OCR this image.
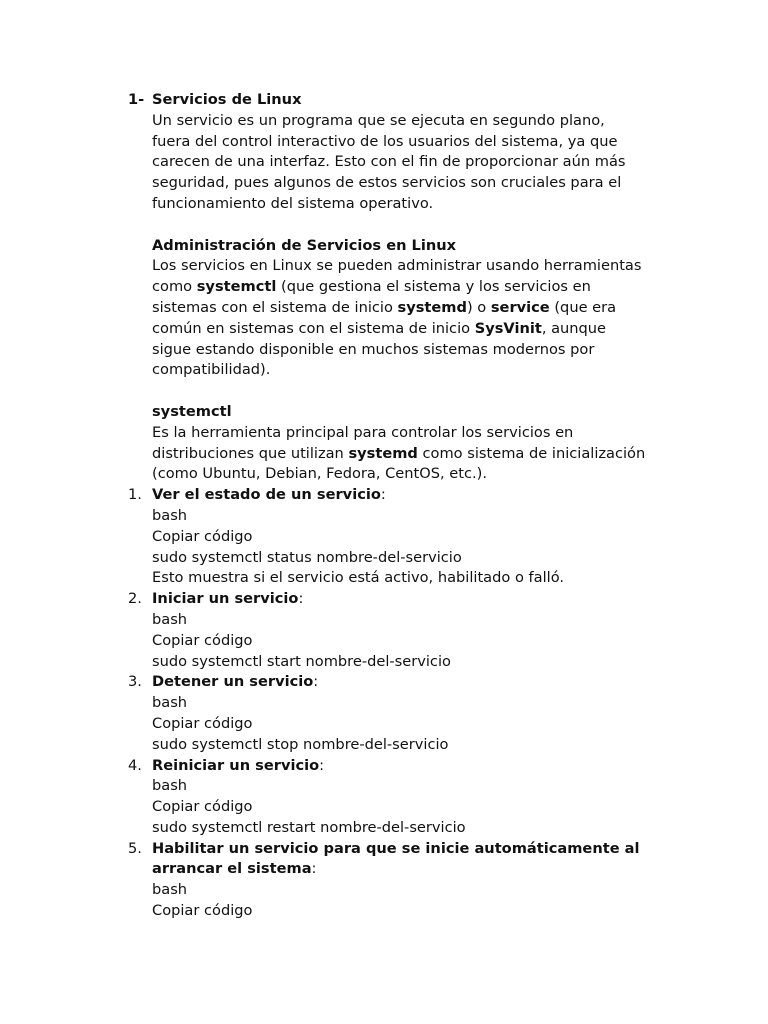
1- Servicios de Linux
Un servicio es un programa que se ejecuta en segundo plano,
fuera del control interactivo de los usuarios del sistema, ya que
carecen de una interfaz. Esto con el fin de proporcionar aún más
seguridad, pues algunos de estos servicios son cruciales para el
funcionamiento del sistema operativo.
Administración de Servicios en Linux
Los servicios en Linux se pueden administrar usando herramientas
como systemctl (que gestiona el sistema y los servicios en
sistemas con el sistema de inicio systemd) o service (que era
común en sistemas con el sistema de inicio SysVinit, aunque
sigue estando disponible en muchos sistemas modernos por
compatibilidad).
systemctl
Es la herramienta principal para controlar los servicios en
distribuciones que utilizan systemd como sistema de inicialización
(como Ubuntu, Debian, Fedora, CentOS, etc.).
1. Ver el estado de un servicio:
bash
Copiar código
sudo systemctl status nombre-del-servicio
Esto muestra si el servicio está activo, habilitado o falló.
2. Iniciar un servicio:
bash
Copiar código
sudo systemctl start nombre-del-servicio
3. Detener un servicio:
bash
Copiar código
sudo systemctl stop nombre-del-servicio
4. Reiniciar un servicio:
bash
Copiar código
sudo systemctl restart nombre-del-servicio
5. Habilitar un servicio para que se inicie automáticamente al
arrancar el sistema:
bash
Copiar código
